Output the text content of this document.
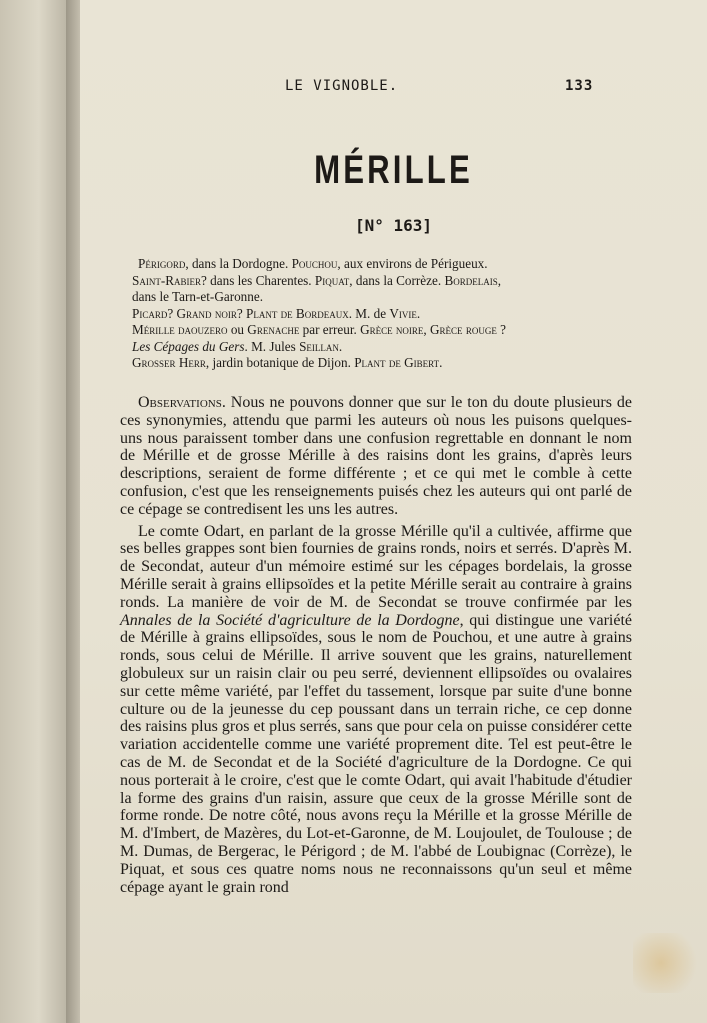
LE VIGNOBLE.	133
MÉRILLE
[N° 163]
Périgord, dans la Dordogne. Pouchou, aux environs de Périgueux.
Saint-Rabier? dans les Charentes. Piquat, dans la Corrèze. Bordelais,
dans le Tarn-et-Garonne.
Picard? Grand noir? Plant de Bordeaux. M. de Vivie.
Mérille daouzero ou Grenache par erreur. Grèce noire, Grèce rouge ?
Les Cépages du Gers. M. Jules Seillan.
Grosser Herr, jardin botanique de Dijon. Plant de Gibert.

Observations. Nous ne pouvons donner que sur le ton du doute plusieurs de ces synonymies, attendu que parmi les auteurs où nous les puisons quelques-uns nous paraissent tomber dans une confusion regrettable en donnant le nom de Mérille et de grosse Mérille à des raisins dont les grains, d'après leurs descriptions, seraient de forme différente ; et ce qui met le comble à cette confusion, c'est que les renseignements puisés chez les auteurs qui ont parlé de ce cépage se contredisent les uns les autres.

Le comte Odart, en parlant de la grosse Mérille qu'il a cultivée, affirme que ses belles grappes sont bien fournies de grains ronds, noirs et serrés. D'après M. de Secondat, auteur d'un mémoire estimé sur les cépages bordelais, la grosse Mérille serait à grains ellipsoïdes et la petite Mérille serait au contraire à grains ronds. La manière de voir de M. de Secondat se trouve confirmée par les Annales de la Société d'agriculture de la Dordogne, qui distingue une variété de Mérille à grains ellipsoïdes, sous le nom de Pouchou, et une autre à grains ronds, sous celui de Mérille. Il arrive souvent que les grains, naturellement globuleux sur un raisin clair ou peu serré, deviennent ellipsoïdes ou ovalaires sur cette même variété, par l'effet du tassement, lorsque par suite d'une bonne culture ou de la jeunesse du cep poussant dans un terrain riche, ce cep donne des raisins plus gros et plus serrés, sans que pour cela on puisse considérer cette variation accidentelle comme une variété proprement dite. Tel est peut-être le cas de M. de Secondat et de la Société d'agriculture de la Dordogne. Ce qui nous porterait à le croire, c'est que le comte Odart, qui avait l'habitude d'étudier la forme des grains d'un raisin, assure que ceux de la grosse Mérille sont de forme ronde. De notre côté, nous avons reçu la Mérille et la grosse Mérille de M. d'Imbert, de Mazères, du Lot-et-Garonne, de M. Loujoulet, de Toulouse ; de M. Dumas, de Bergerac, le Périgord ; de M. l'abbé de Loubignac (Corrèze), le Piquat, et sous ces quatre noms nous ne reconnaissons qu'un seul et même cépage ayant le grain rond
